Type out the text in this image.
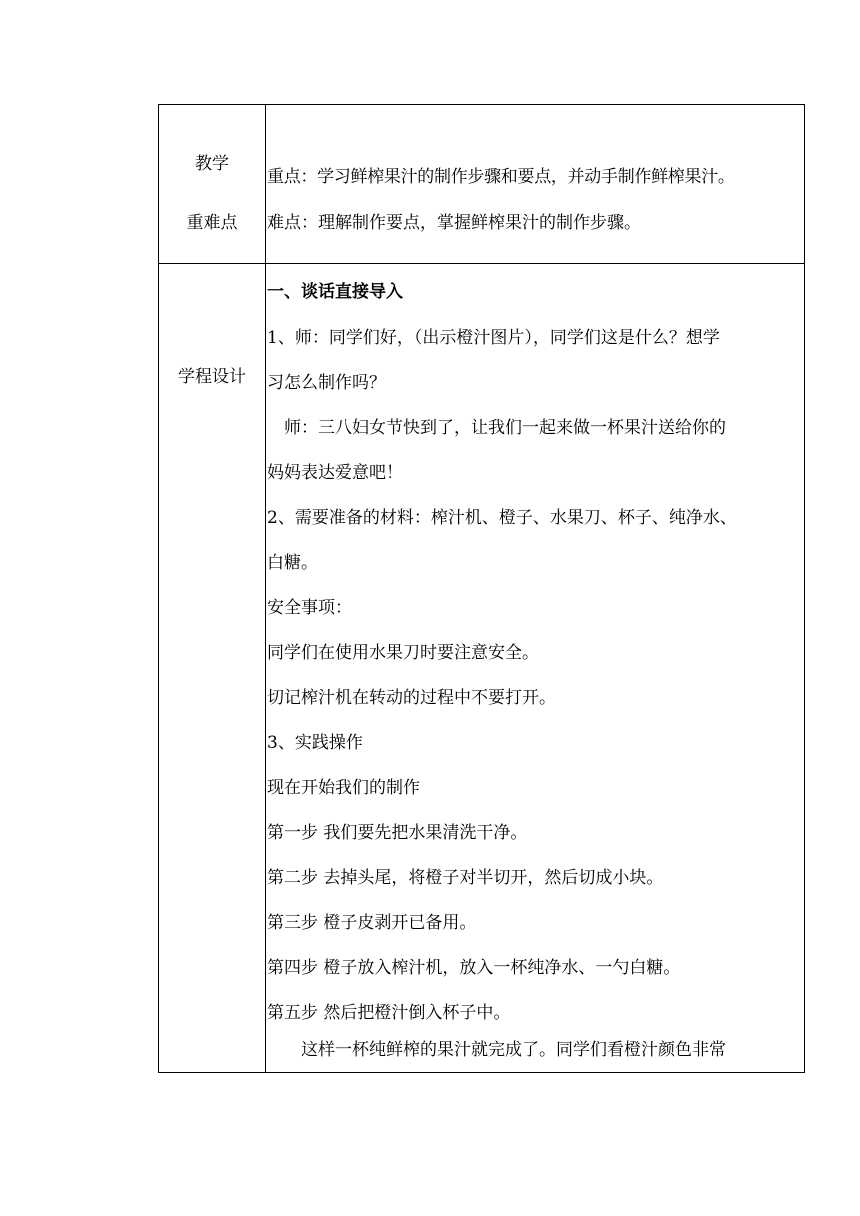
教学
重难点
重点：学习鲜榨果汁的制作步骤和要点，并动手制作鲜榨果汁。
难点：理解制作要点，掌握鲜榨果汁的制作步骤。
学程设计
一、谈话直接导入
1、师：同学们好，（出示橙汁图片），同学们这是什么？想学
习怎么制作吗？
　师：三八妇女节快到了，让我们一起来做一杯果汁送给你的
妈妈表达爱意吧！
2、需要准备的材料：榨汁机、橙子、水果刀、杯子、纯净水、
白糖。
安全事项：
同学们在使用水果刀时要注意安全。
切记榨汁机在转动的过程中不要打开。
3、实践操作
现在开始我们的制作
第一步 我们要先把水果清洗干净。
第二步 去掉头尾，将橙子对半切开，然后切成小块。
第三步 橙子皮剥开已备用。
第四步 橙子放入榨汁机，放入一杯纯净水、一勺白糖。
第五步 然后把橙汁倒入杯子中。
　　这样一杯纯鲜榨的果汁就完成了。同学们看橙汁颜色非常
